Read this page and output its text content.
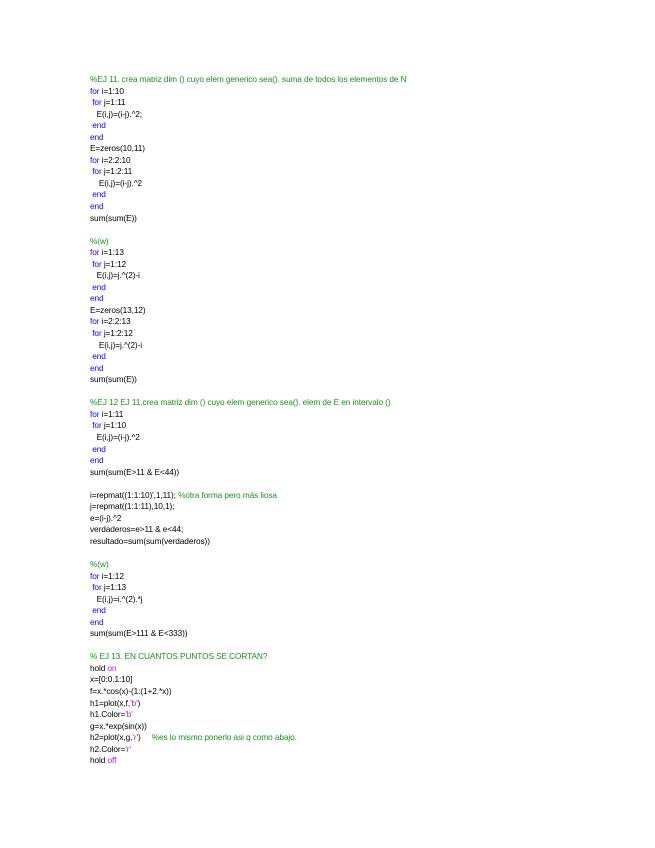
%EJ 11. crea matriz dim () cuyo elem generico sea(). suma de todos los elementos de N
for i=1:10
for j=1:11
E(i,j)=(i-j).^2;
end
end
E=zeros(10,11)
for i=2:2:10
for j=1:2:11
E(i,j)=(i-j).^2
end
end
sum(sum(E))
%(w)
for i=1:13
for j=1:12
E(i,j)=j.^(2)-i
end
end
E=zeros(13,12)
for i=2:2:13
for j=1:2:12
E(i,j)=j.^(2)-i
end
end
sum(sum(E))
%EJ 12 EJ 11.crea matriz dim () cuyo elem generico sea(). elem de E en intervalo ()
for i=1:11
for j=1:10
E(i,j)=(i-j).^2
end
end
sum(sum(E>11 & E<44))
i=repmat((1:1:10)',1,11); %otra forma pero más liosa
j=repmat((1:1:11),10,1);
e=(i-j).^2
verdaderos=e>11 & e<44;
resultado=sum(sum(verdaderos))
%(w)
for i=1:12
for j=1:13
E(i,j)=i.^(2).*j
end
end
sum(sum(E>111 & E<333))
% EJ 13. EN CUANTOS PUNTOS SE CORTAN?
hold on
x=[0:0.1:10]
f=x.*cos(x)-(1:(1+2.*x))
h1=plot(x,f,'b')
h1.Color='b'
g=x.*exp(sin(x))
h2=plot(x,g,'r')     %es lo mismo ponerlo asi q como abajo.
h2.Color='r'
hold off
